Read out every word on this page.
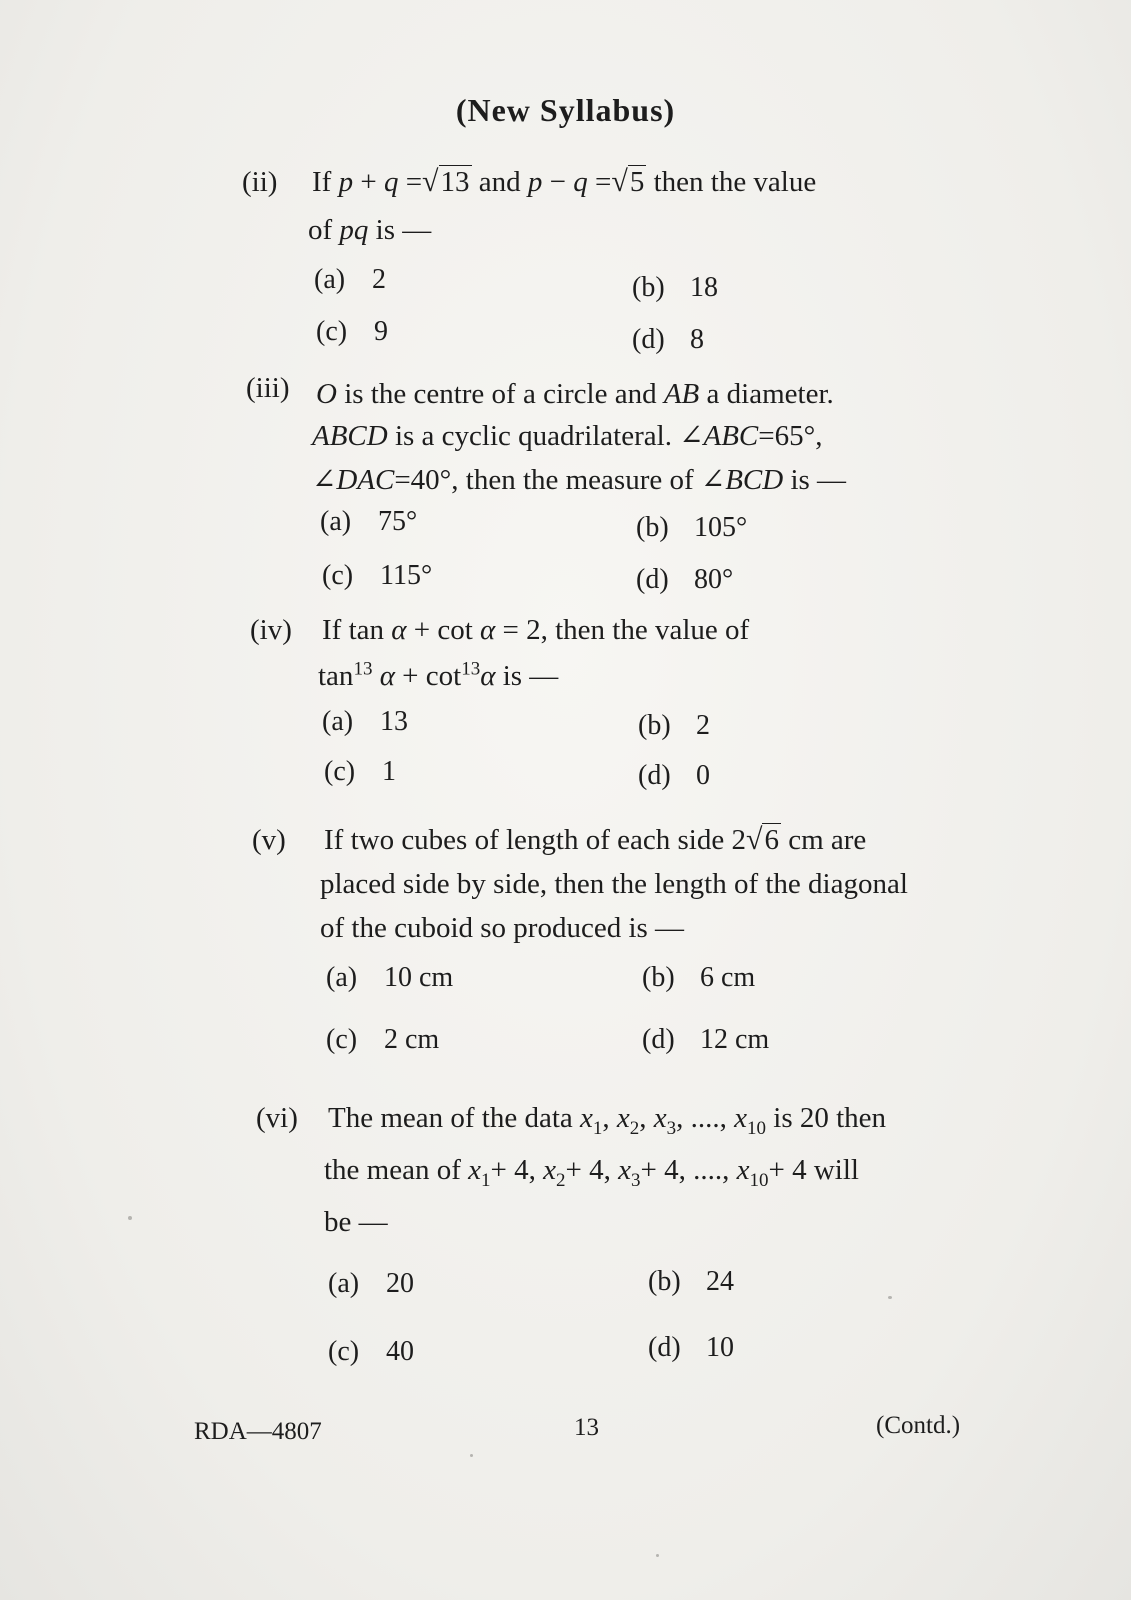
(New Syllabus)
(ii) If p + q =√13 and p − q =√5 then the value
of pq is —
(a) 2	(b) 18
(c) 9	(d) 8
(iii) O is the centre of a circle and AB a diameter.
ABCD is a cyclic quadrilateral. ∠ABC=65°,
∠DAC=40°, then the measure of ∠BCD is —
(a) 75°	(b) 105°
(c) 115°	(d) 80°
(iv) If tan α + cot α = 2, then the value of
$\tan^{13} \alpha + \cot^{13}\alpha$ is —
(a) 13	(b) 2
(c) 1	(d) 0
(v) If two cubes of length of each side 2√6 cm are
placed side by side, then the length of the diagonal
of the cuboid so produced is —
(a) 10 cm	(b) 6 cm
(c) 2 cm	(d) 12 cm
(vi) The mean of the data $x_1$, $x_2$, $x_3$, ...., $x_{10}$ is 20 then
the mean of $x_1+ 4$, $x_2+ 4$, $x_3+ 4$, ...., $x_{10}+ 4$ will
be —
(a) 20	(b) 24
(c) 40	(d) 10
RDA—4807	13	(Contd.)
